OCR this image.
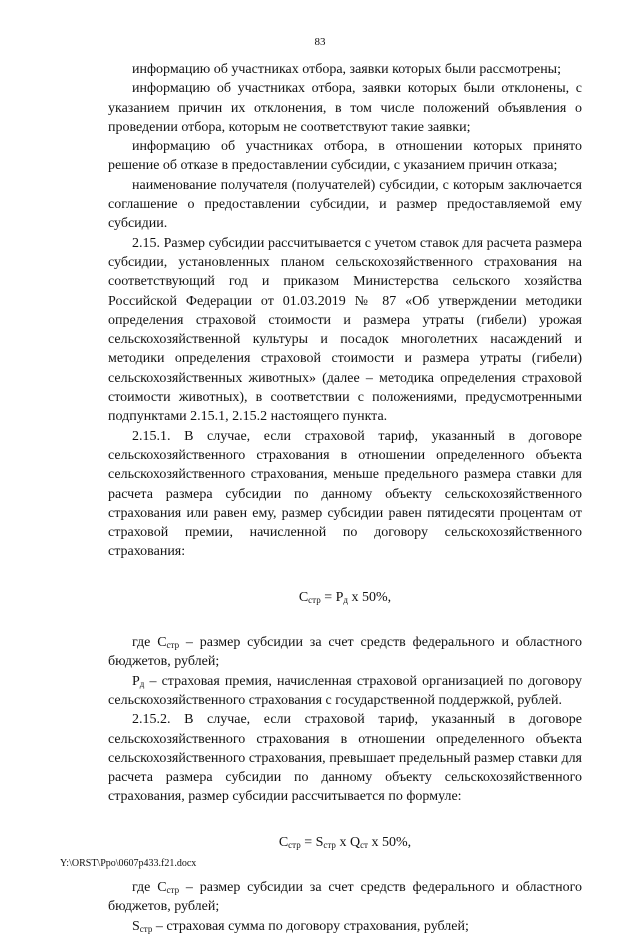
83

информацию об участниках отбора, заявки которых были рассмотрены;

информацию об участниках отбора, заявки которых были отклонены, с указанием причин их отклонения, в том числе положений объявления о проведении отбора, которым не соответствуют такие заявки;

информацию об участниках отбора, в отношении которых принято решение об отказе в предоставлении субсидии, с указанием причин отказа;

наименование получателя (получателей) субсидии, с которым заключается соглашение о предоставлении субсидии, и размер предоставляемой ему субсидии.

2.15. Размер субсидии рассчитывается с учетом ставок для расчета размера субсидии, установленных планом сельскохозяйственного страхования на соответствующий год и приказом Министерства сельского хозяйства Российской Федерации от 01.03.2019 № 87 «Об утверждении методики определения страховой стоимости и размера утраты (гибели) урожая сельскохозяйственной культуры и посадок многолетних насаждений и методики определения страховой стоимости и размера утраты (гибели) сельскохозяйственных животных» (далее – методика определения страховой стоимости животных), в соответствии с положениями, предусмотренными подпунктами 2.15.1, 2.15.2 настоящего пункта.

2.15.1. В случае, если страховой тариф, указанный в договоре сельскохозяйственного страхования в отношении определенного объекта сельскохозяйственного страхования, меньше предельного размера ставки для расчета размера субсидии по данному объекту сельскохозяйственного страхования или равен ему, размер субсидии равен пятидесяти процентам от страховой премии, начисленной по договору сельскохозяйственного страхования:

$С_{стр} = Р_д$ х 50%,

где $С_{стр}$ – размер субсидии за счет средств федерального и областного бюджетов, рублей;

$Р_д$ – страховая премия, начисленная страховой организацией по договору сельскохозяйственного страхования с государственной поддержкой, рублей.

2.15.2. В случае, если страховой тариф, указанный в договоре сельскохозяйственного страхования в отношении определенного объекта сельскохозяйственного страхования, превышает предельный размер ставки для расчета размера субсидии по данному объекту сельскохозяйственного страхования, размер субсидии рассчитывается по формуле:

$С_{стр} = S_{стр}$ х $Q_{ст}$ х 50%,

где $С_{стр}$ – размер субсидии за счет средств федерального и областного бюджетов, рублей;

$S_{стр}$ – страховая сумма по договору страхования, рублей;

Y:\ORST\Ppo\0607p433.f21.docx
